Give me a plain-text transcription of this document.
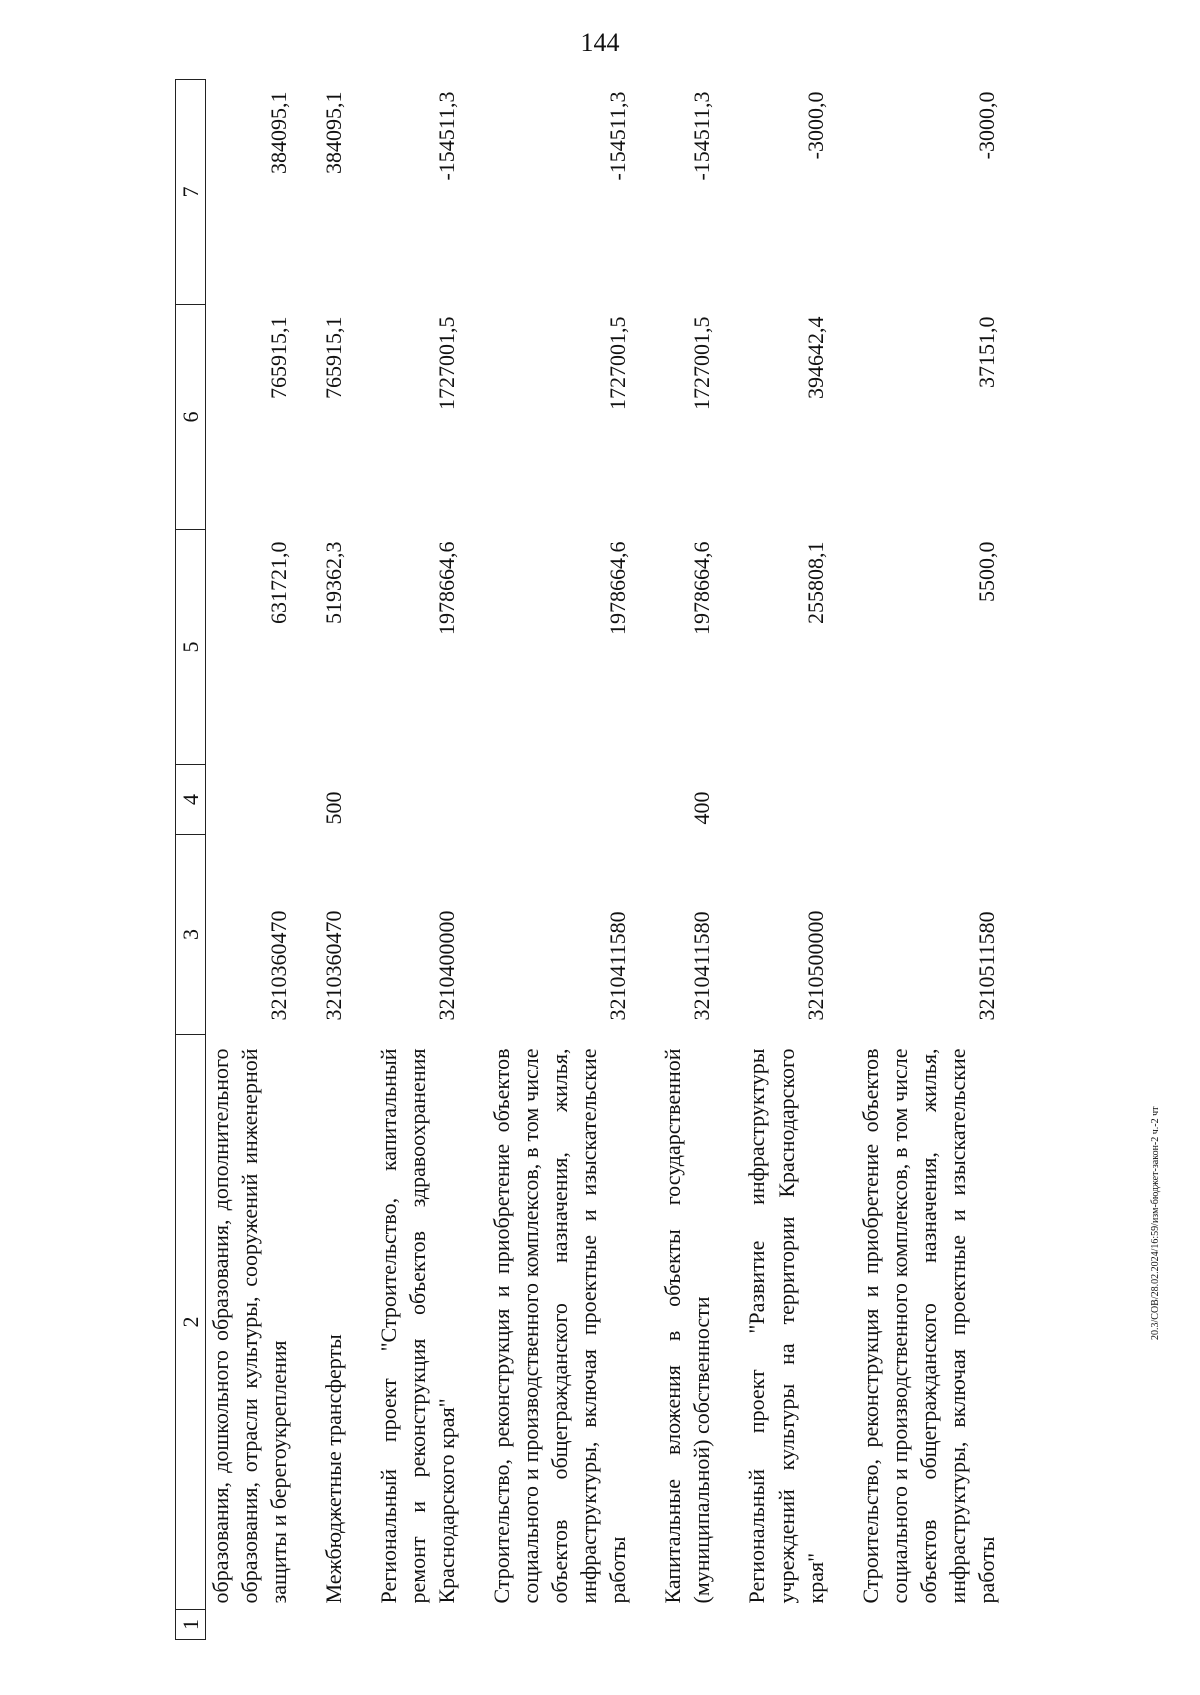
144
1	2	3	4	5	6	7
	образования, дошкольного образования, дополнительного образования, отрасли культуры, сооружений инженерной защиты и берегоукрепления	3210360470		631721,0	765915,1	384095,1
	Межбюджетные трансферты	3210360470	500	519362,3	765915,1	384095,1
	Региональный проект "Строительство, капитальный ремонт и реконструкция объектов здравоохранения Краснодарского края"	3210400000		1978664,6	1727001,5	-154511,3
	Строительство, реконструкция и приобретение объектов социального и производственного комплексов, в том числе объектов общегражданского назначения, жилья, инфраструктуры, включая проектные и изыскательские работы	3210411580		1978664,6	1727001,5	-154511,3
	Капитальные вложения в объекты государственной (муниципальной) собственности	3210411580	400	1978664,6	1727001,5	-154511,3
	Региональный проект "Развитие инфраструктуры учреждений культуры на территории Краснодарского края"	3210500000		255808,1	394642,4	-3000,0
	Строительство, реконструкция и приобретение объектов социального и производственного комплексов, в том числе объектов общегражданского назначения, жилья, инфраструктуры, включая проектные и изыскательские работы	3210511580		5500,0	37151,0	-3000,0
20.3/СОВ/28.02.2024/16:59/изм-бюджет-закон-2 ч.-2 чт
